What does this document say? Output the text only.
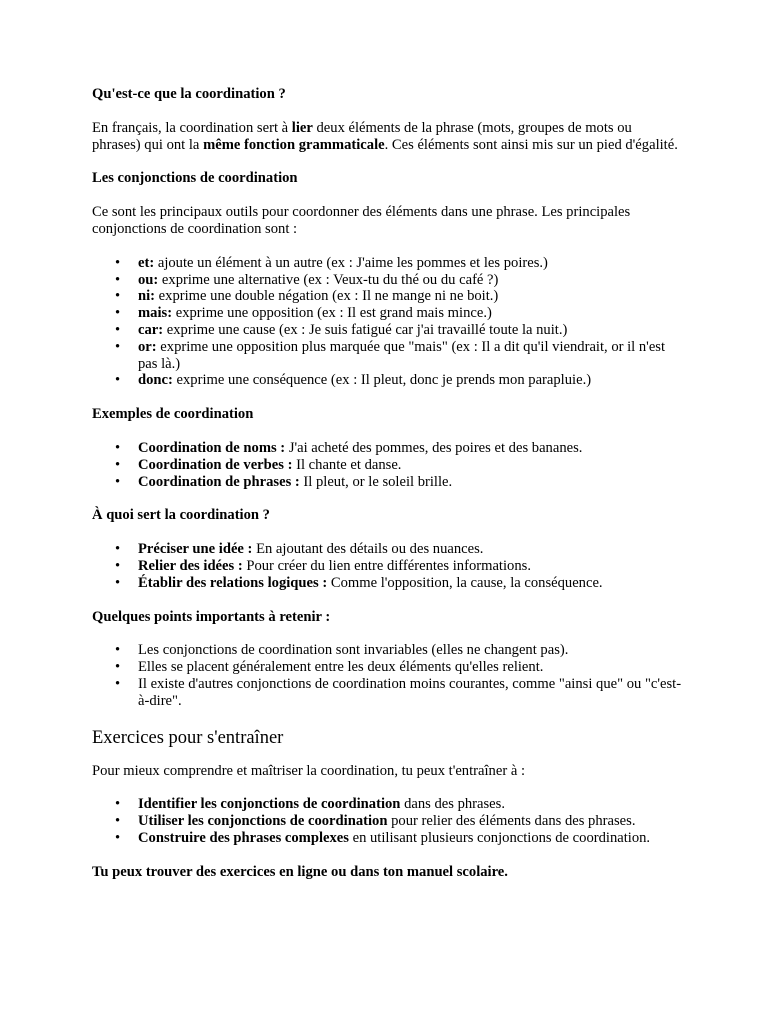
Qu'est-ce que la coordination ?
En français, la coordination sert à lier deux éléments de la phrase (mots, groupes de mots ou phrases) qui ont la même fonction grammaticale. Ces éléments sont ainsi mis sur un pied d'égalité.
Les conjonctions de coordination
Ce sont les principaux outils pour coordonner des éléments dans une phrase. Les principales conjonctions de coordination sont :
• et: ajoute un élément à un autre (ex : J'aime les pommes et les poires.)
• ou: exprime une alternative (ex : Veux-tu du thé ou du café ?)
• ni: exprime une double négation (ex : Il ne mange ni ne boit.)
• mais: exprime une opposition (ex : Il est grand mais mince.)
• car: exprime une cause (ex : Je suis fatigué car j'ai travaillé toute la nuit.)
• or: exprime une opposition plus marquée que "mais" (ex : Il a dit qu'il viendrait, or il n'est pas là.)
• donc: exprime une conséquence (ex : Il pleut, donc je prends mon parapluie.)
Exemples de coordination
• Coordination de noms : J'ai acheté des pommes, des poires et des bananes.
• Coordination de verbes : Il chante et danse.
• Coordination de phrases : Il pleut, or le soleil brille.
À quoi sert la coordination ?
• Préciser une idée : En ajoutant des détails ou des nuances.
• Relier des idées : Pour créer du lien entre différentes informations.
• Établir des relations logiques : Comme l'opposition, la cause, la conséquence.
Quelques points importants à retenir :
• Les conjonctions de coordination sont invariables (elles ne changent pas).
• Elles se placent généralement entre les deux éléments qu'elles relient.
• Il existe d'autres conjonctions de coordination moins courantes, comme "ainsi que" ou "c'est-à-dire".
Exercices pour s'entraîner
Pour mieux comprendre et maîtriser la coordination, tu peux t'entraîner à :
• Identifier les conjonctions de coordination dans des phrases.
• Utiliser les conjonctions de coordination pour relier des éléments dans des phrases.
• Construire des phrases complexes en utilisant plusieurs conjonctions de coordination.
Tu peux trouver des exercices en ligne ou dans ton manuel scolaire.
